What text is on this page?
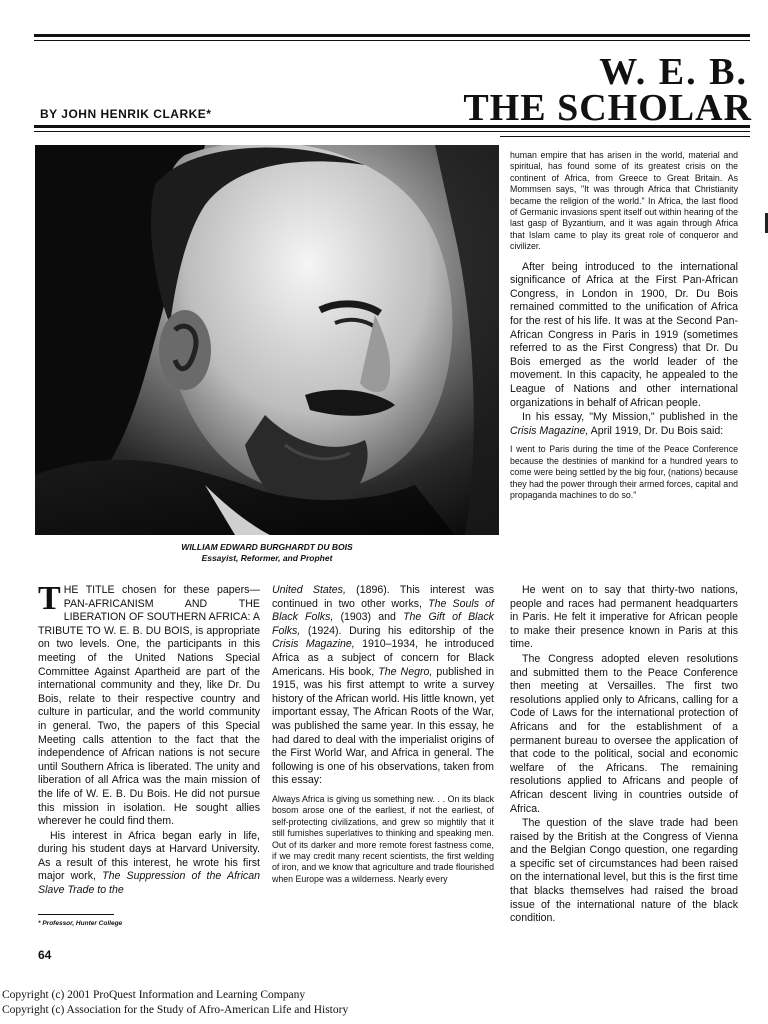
W. E. B.
THE SCHOLAR
BY JOHN HENRIK CLARKE*
WILLIAM EDWARD BURGHARDT DU BOIS
Essayist, Reformer, and Prophet

THE TITLE chosen for these papers—PAN-AFRICANISM AND THE LIBERATION OF SOUTHERN AFRICA: A TRIBUTE TO W. E. B. DU BOIS, is appropriate on two levels. One, the participants in this meeting of the United Nations Special Committee Against Apartheid are part of the international community and they, like Dr. Du Bois, relate to their respective country and culture in particular, and the world community in general. Two, the papers of this Special Meeting calls attention to the fact that the independence of African nations is not secure until Southern Africa is liberated. The unity and liberation of all Africa was the main mission of the life of W. E. B. Du Bois. He did not pursue this mission in isolation. He sought allies wherever he could find them.

His interest in Africa began early in life, during his student days at Harvard University. As a result of this interest, he wrote his first major work, The Suppression of the African Slave Trade to the

United States, (1896). This interest was continued in two other works, The Souls of Black Folks, (1903) and The Gift of Black Folks, (1924). During his editorship of the Crisis Magazine, 1910–1934, he introduced Africa as a subject of concern for Black Americans. His book, The Negro, published in 1915, was his first attempt to write a survey history of the African world. His little known, yet important essay, The African Roots of the War, was published the same year. In this essay, he had dared to deal with the imperialist origins of the First World War, and Africa in general. The following is one of his observations, taken from this essay:

Always Africa is giving us something new. . . On its black bosom arose one of the earliest, if not the earliest, of self-protecting civilizations, and grew so mightily that it still furnishes superlatives to thinking and speaking men. Out of its darker and more remote forest fastness come, if we may credit many recent scientists, the first welding of iron, and we know that agriculture and trade flourished when Europe was a wilderness. Nearly every

human empire that has arisen in the world, material and spiritual, has found some of its greatest crisis on the continent of Africa, from Greece to Great Britain. As Mommsen says, "It was through Africa that Christianity became the religion of the world." In Africa, the last flood of Germanic invasions spent itself out within hearing of the last gasp of Byzantium, and it was again through Africa that Islam came to play its great role of conqueror and civilizer.

After being introduced to the international significance of Africa at the First Pan-African Congress, in London in 1900, Dr. Du Bois remained committed to the unification of Africa for the rest of his life. It was at the Second Pan-African Congress in Paris in 1919 (sometimes referred to as the First Congress) that Dr. Du Bois emerged as the world leader of the movement. In this capacity, he appealed to the League of Nations and other international organizations in behalf of African people.

In his essay, "My Mission," published in the Crisis Magazine, April 1919, Dr. Du Bois said:

I went to Paris during the time of the Peace Conference because the destinies of mankind for a hundred years to come were being settled by the big four, (nations) because they had the power through their armed forces, capital and propaganda machines to do so."

He went on to say that thirty-two nations, people and races had permanent headquarters in Paris. He felt it imperative for African people to make their presence known in Paris at this time.

The Congress adopted eleven resolutions and submitted them to the Peace Conference then meeting at Versailles. The first two resolutions applied only to Africans, calling for a Code of Laws for the international protection of Africans and for the establishment of a permanent bureau to oversee the application of that code to the political, social and economic welfare of the Africans. The remaining resolutions applied to Africans and people of African descent living in countries outside of Africa.

The question of the slave trade had been raised by the British at the Congress of Vienna and the Belgian Congo question, one regarding a specific set of circumstances had been raised on the international level, but this is the first time that blacks themselves had raised the broad issue of the international nature of the black condition.

* Professor, Hunter College
64
Copyright (c) 2001 ProQuest Information and Learning Company
Copyright (c) Association for the Study of Afro-American Life and History
